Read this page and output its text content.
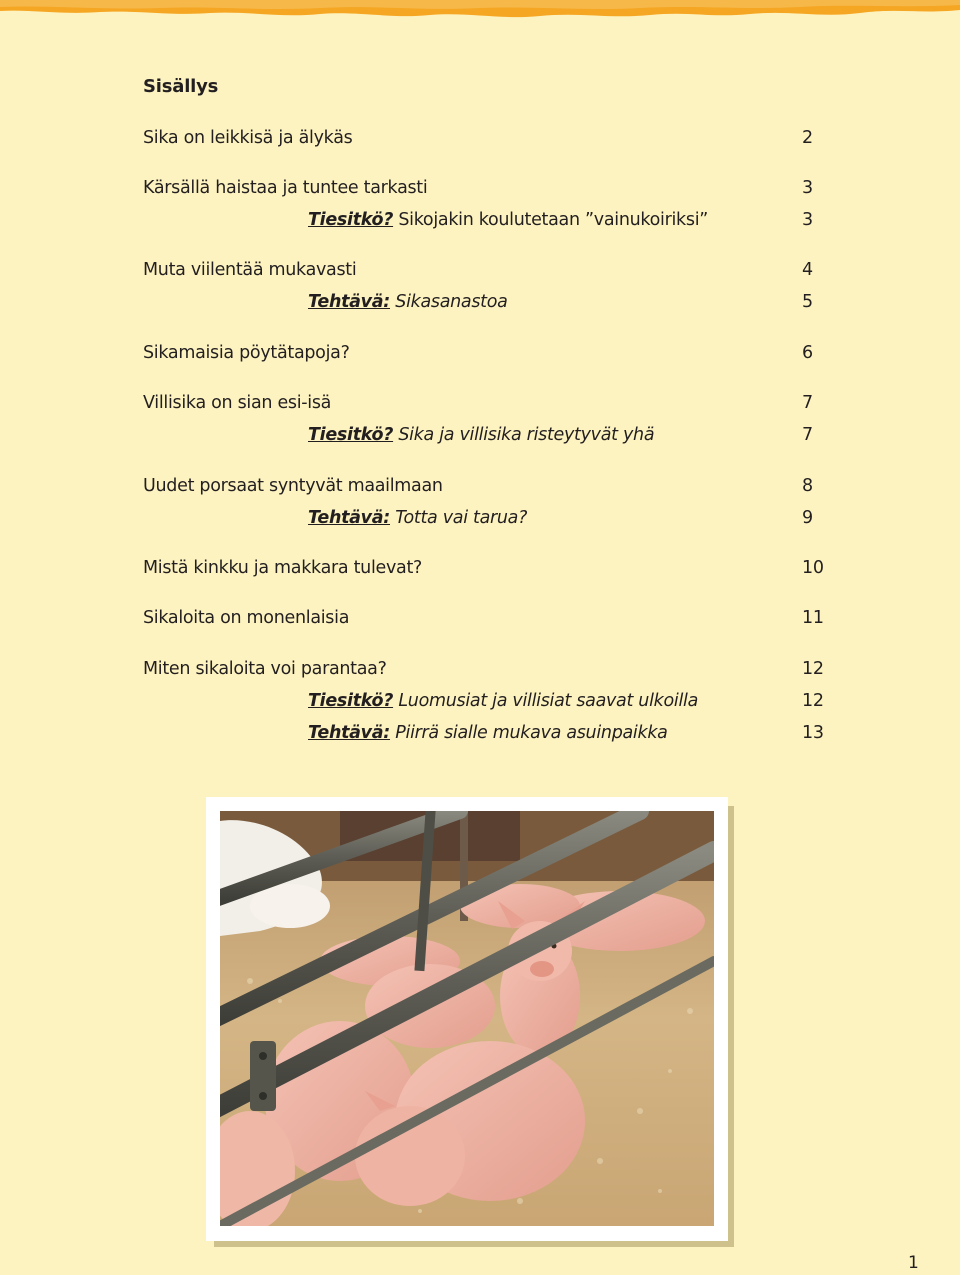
Sisällys
Sika on leikkisä ja älykäs	2
Kärsällä haistaa ja tuntee tarkasti	3
Tiesitkö? Sikojakin koulutetaan ”vainukoiriksi”	3
Muta viilentää mukavasti	4
Tehtävä: Sikasanastoa	5
Sikamaisia pöytätapoja?	6
Villisika on sian esi-isä	7
Tiesitkö? Sika ja villisika risteytyvät yhä	7
Uudet porsaat syntyvät maailmaan	8
Tehtävä: Totta vai tarua?	9
Mistä kinkku ja makkara tulevat?	10
Sikaloita on monenlaisia	11
Miten sikaloita voi parantaa?	12
Tiesitkö? Luomusiat ja villisiat saavat ulkoilla	12
Tehtävä: Piirrä sialle mukava asuinpaikka	13
1
